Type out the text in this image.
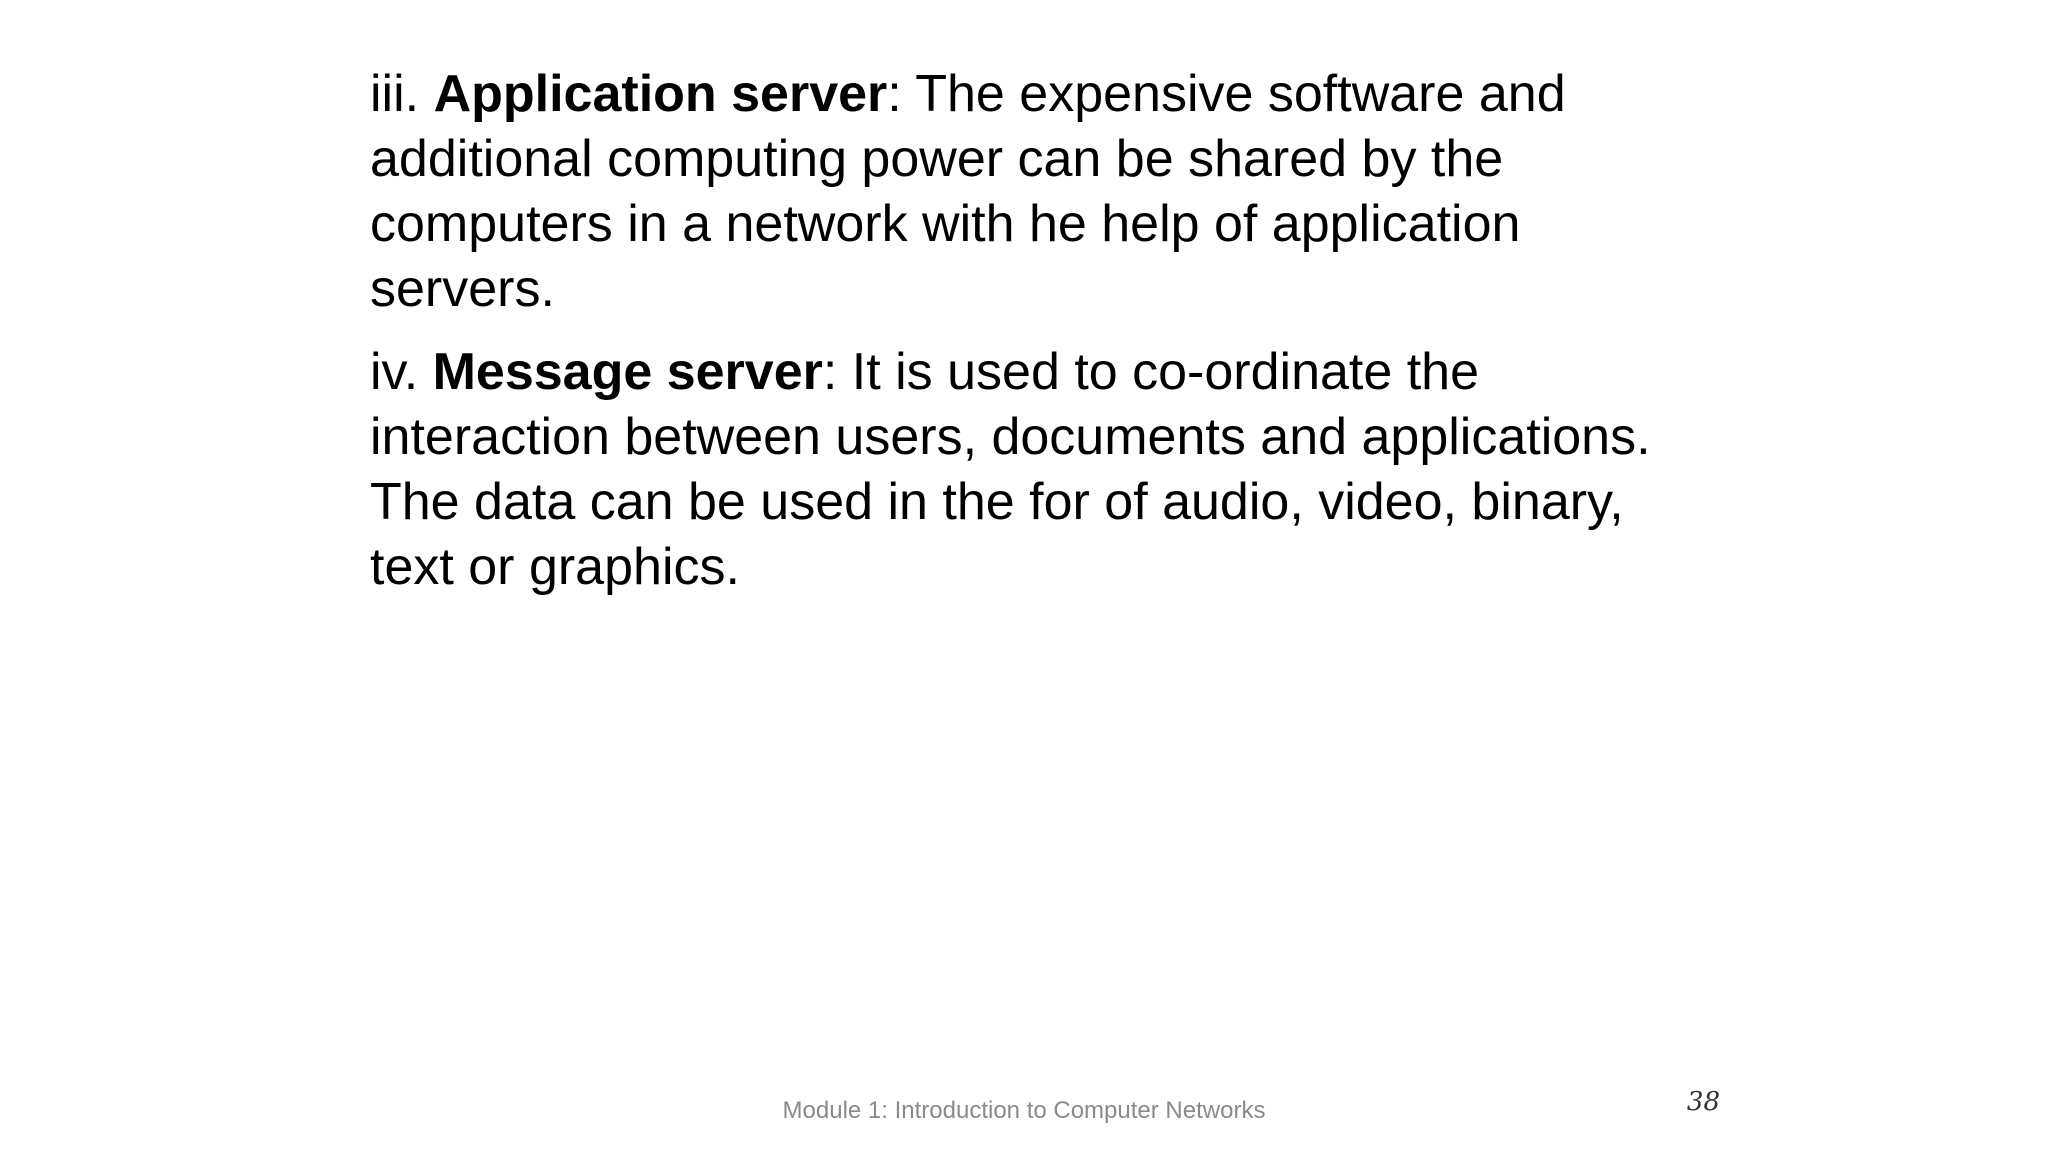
iii. Application server: The expensive software and additional computing power can be shared by the computers in a network with he help of application servers.

iv. Message server: It is used to co-ordinate the interaction between users, documents and applications. The data can be used in the for of audio, video, binary, text or graphics.

Module 1: Introduction to Computer Networks	38
